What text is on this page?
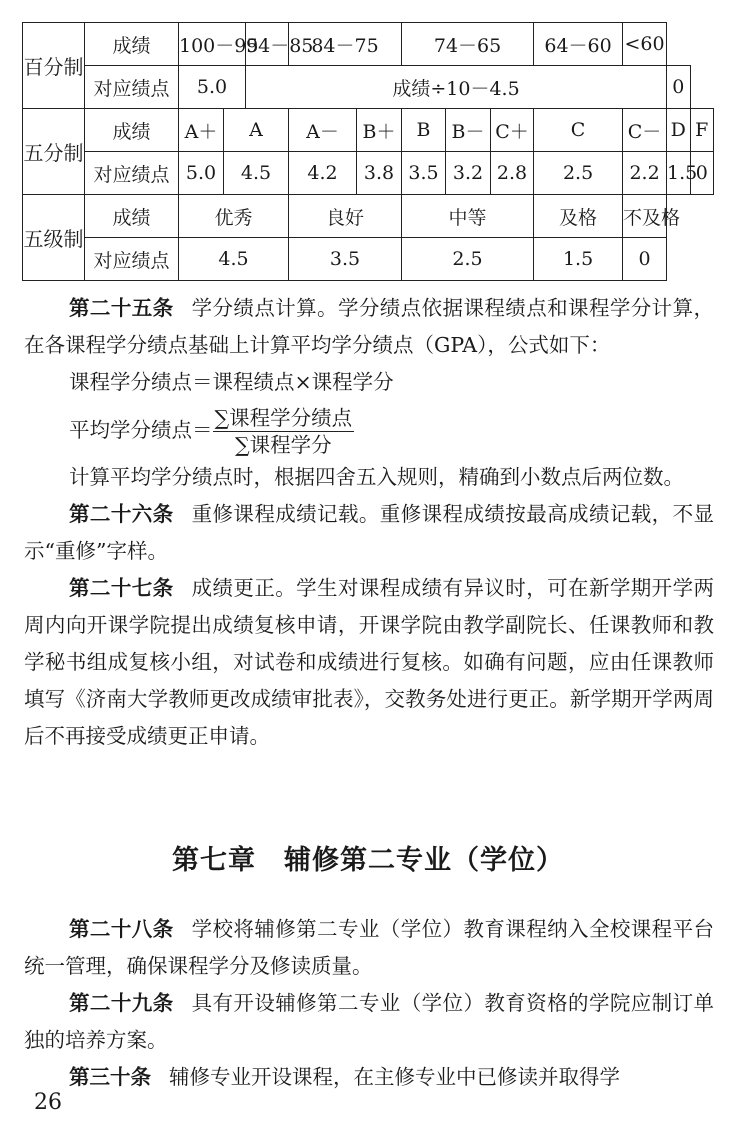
百分制	成绩	100－95		94－85	84－75		74－65			64－60	<60		
	对应绩点	5.0		成绩÷10－4.5								0	
五分制	成绩	A＋	A		A－	B＋	B	B－	C＋	C	C－	D	F
	对应绩点	5.0	4.5		4.2	3.8	3.5	3.2	2.8	2.5	2.2	1.5	0
五级制	成绩	优秀			良好		中等			及格	不及格		
	对应绩点	4.5			3.5		2.5			1.5	0		

第二十五条 学分绩点计算。学分绩点依据课程绩点和课程学分计算，在各课程学分绩点基础上计算平均学分绩点（GPA），公式如下：

课程学分绩点＝课程绩点×课程学分

平均学分绩点＝ $\frac{\text{∑课程学分绩点}}{\text{∑课程学分}}$

计算平均学分绩点时，根据四舍五入规则，精确到小数点后两位数。

第二十六条 重修课程成绩记载。重修课程成绩按最高成绩记载，不显示“重修”字样。

第二十七条 成绩更正。学生对课程成绩有异议时，可在新学期开学两周内向开课学院提出成绩复核申请，开课学院由教学副院长、任课教师和教学秘书组成复核小组，对试卷和成绩进行复核。如确有问题，应由任课教师填写《济南大学教师更改成绩审批表》，交教务处进行更正。新学期开学两周后不再接受成绩更正申请。

第七章　辅修第二专业（学位）

第二十八条 学校将辅修第二专业（学位）教育课程纳入全校课程平台统一管理，确保课程学分及修读质量。

第二十九条 具有开设辅修第二专业（学位）教育资格的学院应制订单独的培养方案。

第三十条 辅修专业开设课程，在主修专业中已修读并取得学

26
